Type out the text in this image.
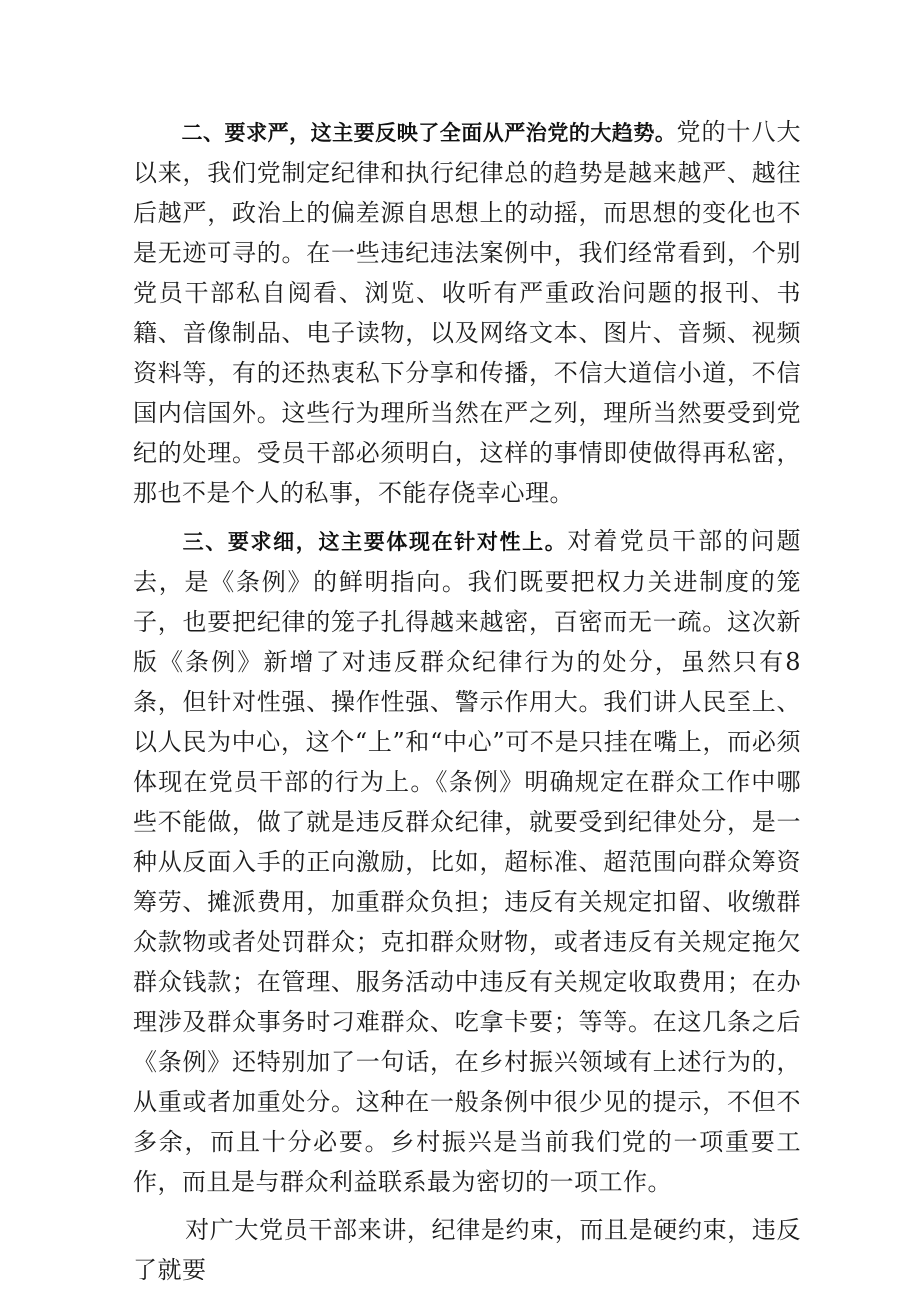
二、要求严，这主要反映了全面从严治党的大趋势。党的十八大以来，我们党制定纪律和执行纪律总的趋势是越来越严、越往后越严，政治上的偏差源自思想上的动摇，而思想的变化也不是无迹可寻的。在一些违纪违法案例中，我们经常看到，个别党员干部私自阅看、浏览、收听有严重政治问题的报刊、书籍、音像制品、电子读物，以及网络文本、图片、音频、视频资料等，有的还热衷私下分享和传播，不信大道信小道，不信国内信国外。这些行为理所当然在严之列，理所当然要受到党纪的处理。受员干部必须明白，这样的事情即使做得再私密，那也不是个人的私事，不能存侥幸心理。

三、要求细，这主要体现在针对性上。对着党员干部的问题去，是《条例》的鲜明指向。我们既要把权力关进制度的笼子，也要把纪律的笼子扎得越来越密，百密而无一疏。这次新版《条例》新增了对违反群众纪律行为的处分，虽然只有8条，但针对性强、操作性强、警示作用大。我们讲人民至上、以人民为中心，这个“上”和“中心”可不是只挂在嘴上，而必须体现在党员干部的行为上。《条例》明确规定在群众工作中哪些不能做，做了就是违反群众纪律，就要受到纪律处分，是一种从反面入手的正向激励，比如，超标准、超范围向群众筹资筹劳、摊派费用，加重群众负担；违反有关规定扣留、收缴群众款物或者处罚群众；克扣群众财物，或者违反有关规定拖欠群众钱款；在管理、服务活动中违反有关规定收取费用；在办理涉及群众事务时刁难群众、吃拿卡要；等等。在这几条之后《条例》还特别加了一句话，在乡村振兴领域有上述行为的，从重或者加重处分。这种在一般条例中很少见的提示，不但不多余，而且十分必要。乡村振兴是当前我们党的一项重要工作，而且是与群众利益联系最为密切的一项工作。

对广大党员干部来讲，纪律是约束，而且是硬约束，违反了就要
